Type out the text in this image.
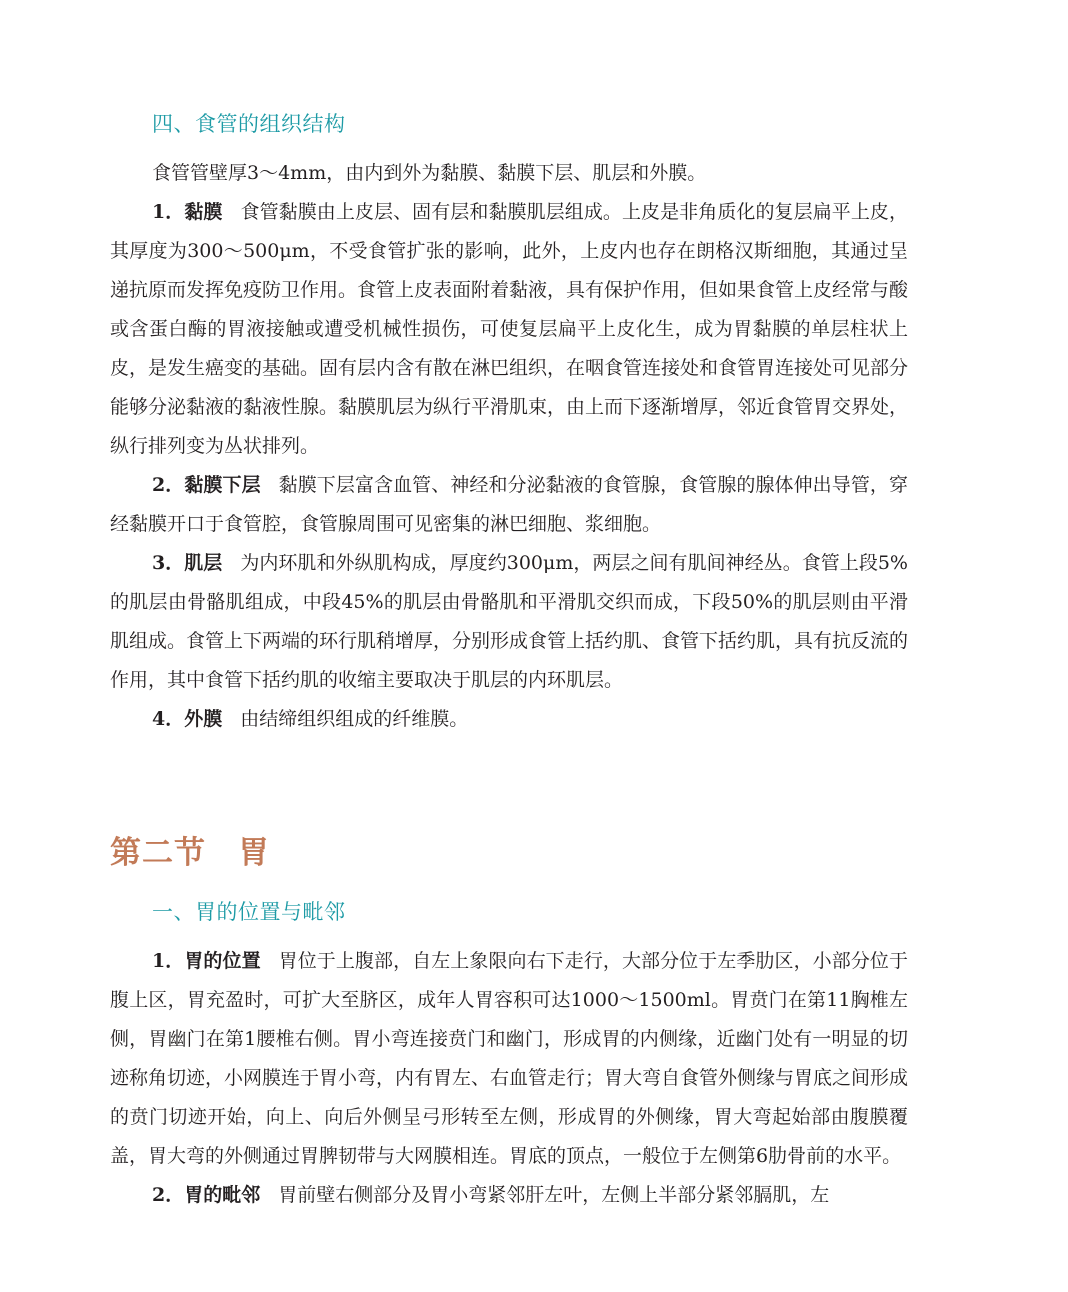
四、食管的组织结构

食管管壁厚3～4mm，由内到外为黏膜、黏膜下层、肌层和外膜。

1．黏膜 食管黏膜由上皮层、固有层和黏膜肌层组成。上皮是非角质化的复层扁平上皮，其厚度为300～500μm，不受食管扩张的影响，此外，上皮内也存在朗格汉斯细胞，其通过呈递抗原而发挥免疫防卫作用。食管上皮表面附着黏液，具有保护作用，但如果食管上皮经常与酸或含蛋白酶的胃液接触或遭受机械性损伤，可使复层扁平上皮化生，成为胃黏膜的单层柱状上皮，是发生癌变的基础。固有层内含有散在淋巴组织，在咽食管连接处和食管胃连接处可见部分能够分泌黏液的黏液性腺。黏膜肌层为纵行平滑肌束，由上而下逐渐增厚，邻近食管胃交界处，纵行排列变为丛状排列。

2．黏膜下层 黏膜下层富含血管、神经和分泌黏液的食管腺，食管腺的腺体伸出导管，穿经黏膜开口于食管腔，食管腺周围可见密集的淋巴细胞、浆细胞。

3．肌层 为内环肌和外纵肌构成，厚度约300μm，两层之间有肌间神经丛。食管上段5%的肌层由骨骼肌组成，中段45%的肌层由骨骼肌和平滑肌交织而成，下段50%的肌层则由平滑肌组成。食管上下两端的环行肌稍增厚，分别形成食管上括约肌、食管下括约肌，具有抗反流的作用，其中食管下括约肌的收缩主要取决于肌层的内环肌层。

4．外膜 由结缔组织组成的纤维膜。

第二节　胃
一、胃的位置与毗邻

1．胃的位置 胃位于上腹部，自左上象限向右下走行，大部分位于左季肋区，小部分位于腹上区，胃充盈时，可扩大至脐区，成年人胃容积可达1000～1500ml。胃贲门在第11胸椎左侧，胃幽门在第1腰椎右侧。胃小弯连接贲门和幽门，形成胃的内侧缘，近幽门处有一明显的切迹称角切迹，小网膜连于胃小弯，内有胃左、右血管走行；胃大弯自食管外侧缘与胃底之间形成的贲门切迹开始，向上、向后外侧呈弓形转至左侧，形成胃的外侧缘，胃大弯起始部由腹膜覆盖，胃大弯的外侧通过胃脾韧带与大网膜相连。胃底的顶点，一般位于左侧第6肋骨前的水平。

2．胃的毗邻 胃前壁右侧部分及胃小弯紧邻肝左叶，左侧上半部分紧邻膈肌，左
